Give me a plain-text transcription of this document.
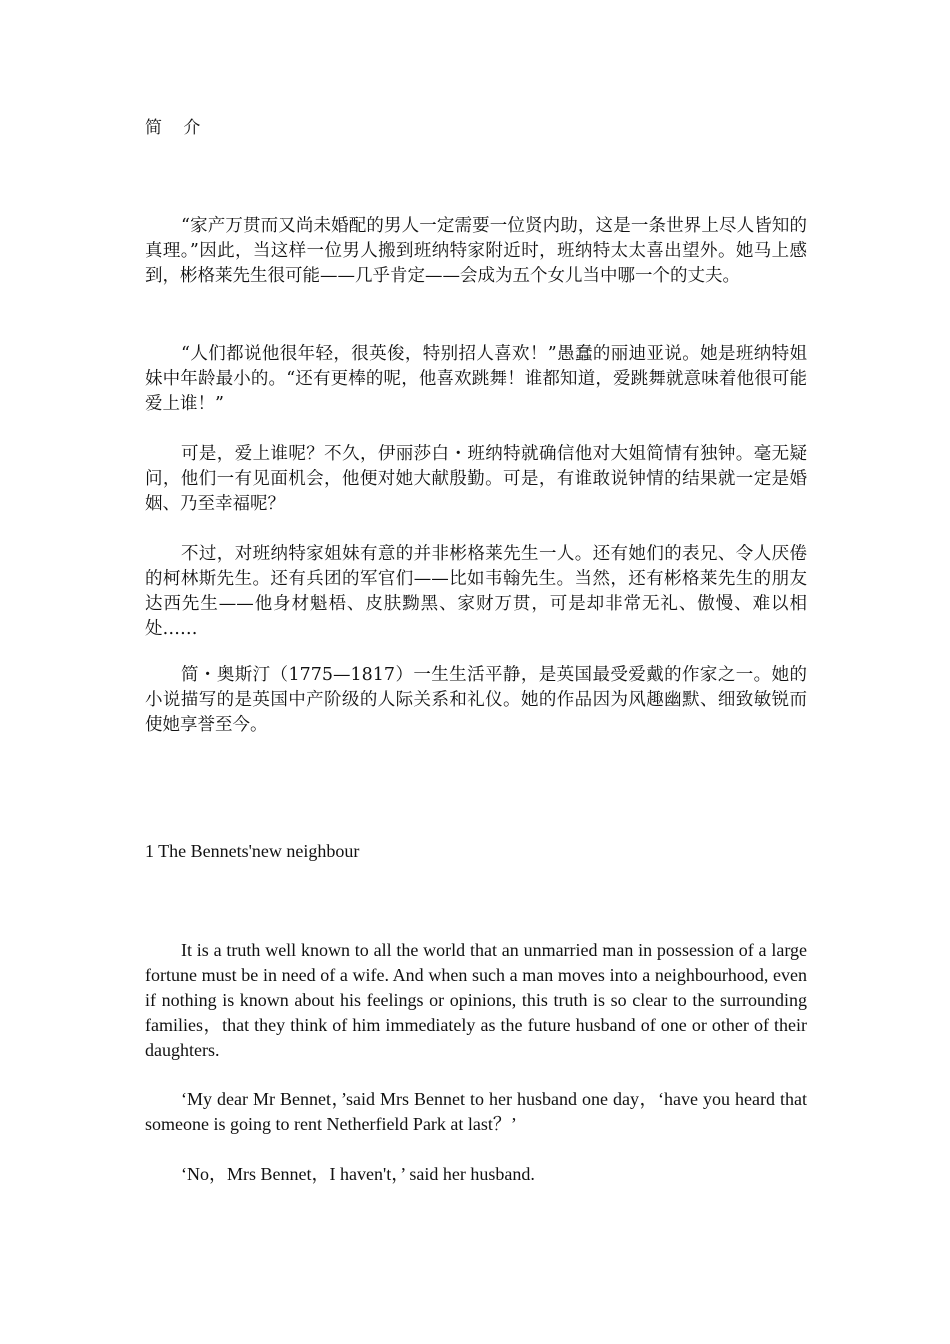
简 介

“家产万贯而又尚未婚配的男人一定需要一位贤内助，这是一条世界上尽人皆知的真理。”因此，当这样一位男人搬到班纳特家附近时，班纳特太太喜出望外。她马上感到，彬格莱先生很可能——几乎肯定——会成为五个女儿当中哪一个的丈夫。

“人们都说他很年轻，很英俊，特别招人喜欢！”愚蠢的丽迪亚说。她是班纳特姐妹中年龄最小的。“还有更棒的呢，他喜欢跳舞！谁都知道，爱跳舞就意味着他很可能爱上谁！”

可是，爱上谁呢？不久，伊丽莎白・班纳特就确信他对大姐简情有独钟。毫无疑问，他们一有见面机会，他便对她大献殷勤。可是，有谁敢说钟情的结果就一定是婚姻、乃至幸福呢？

不过，对班纳特家姐妹有意的并非彬格莱先生一人。还有她们的表兄、令人厌倦的柯林斯先生。还有兵团的军官们——比如韦翰先生。当然，还有彬格莱先生的朋友达西先生——他身材魁梧、皮肤黝黑、家财万贯，可是却非常无礼、傲慢、难以相处……

简・奥斯汀（1775—1817）一生生活平静，是英国最受爱戴的作家之一。她的小说描写的是英国中产阶级的人际关系和礼仪。她的作品因为风趣幽默、细致敏锐而使她享誉至今。

1 The Bennets'new neighbour

It is a truth well known to all the world that an unmarried man in possession of a large fortune must be in need of a wife. And when such a man moves into a neighbourhood, even if nothing is known about his feelings or opinions, this truth is so clear to the surrounding families，that they think of him immediately as the future husband of one or other of their daughters.

‘My dear Mr Bennet，’said Mrs Bennet to her husband one day，‘have you heard that someone is going to rent Netherfield Park at last？’

‘No，Mrs Bennet，I haven't，’ said her husband.
